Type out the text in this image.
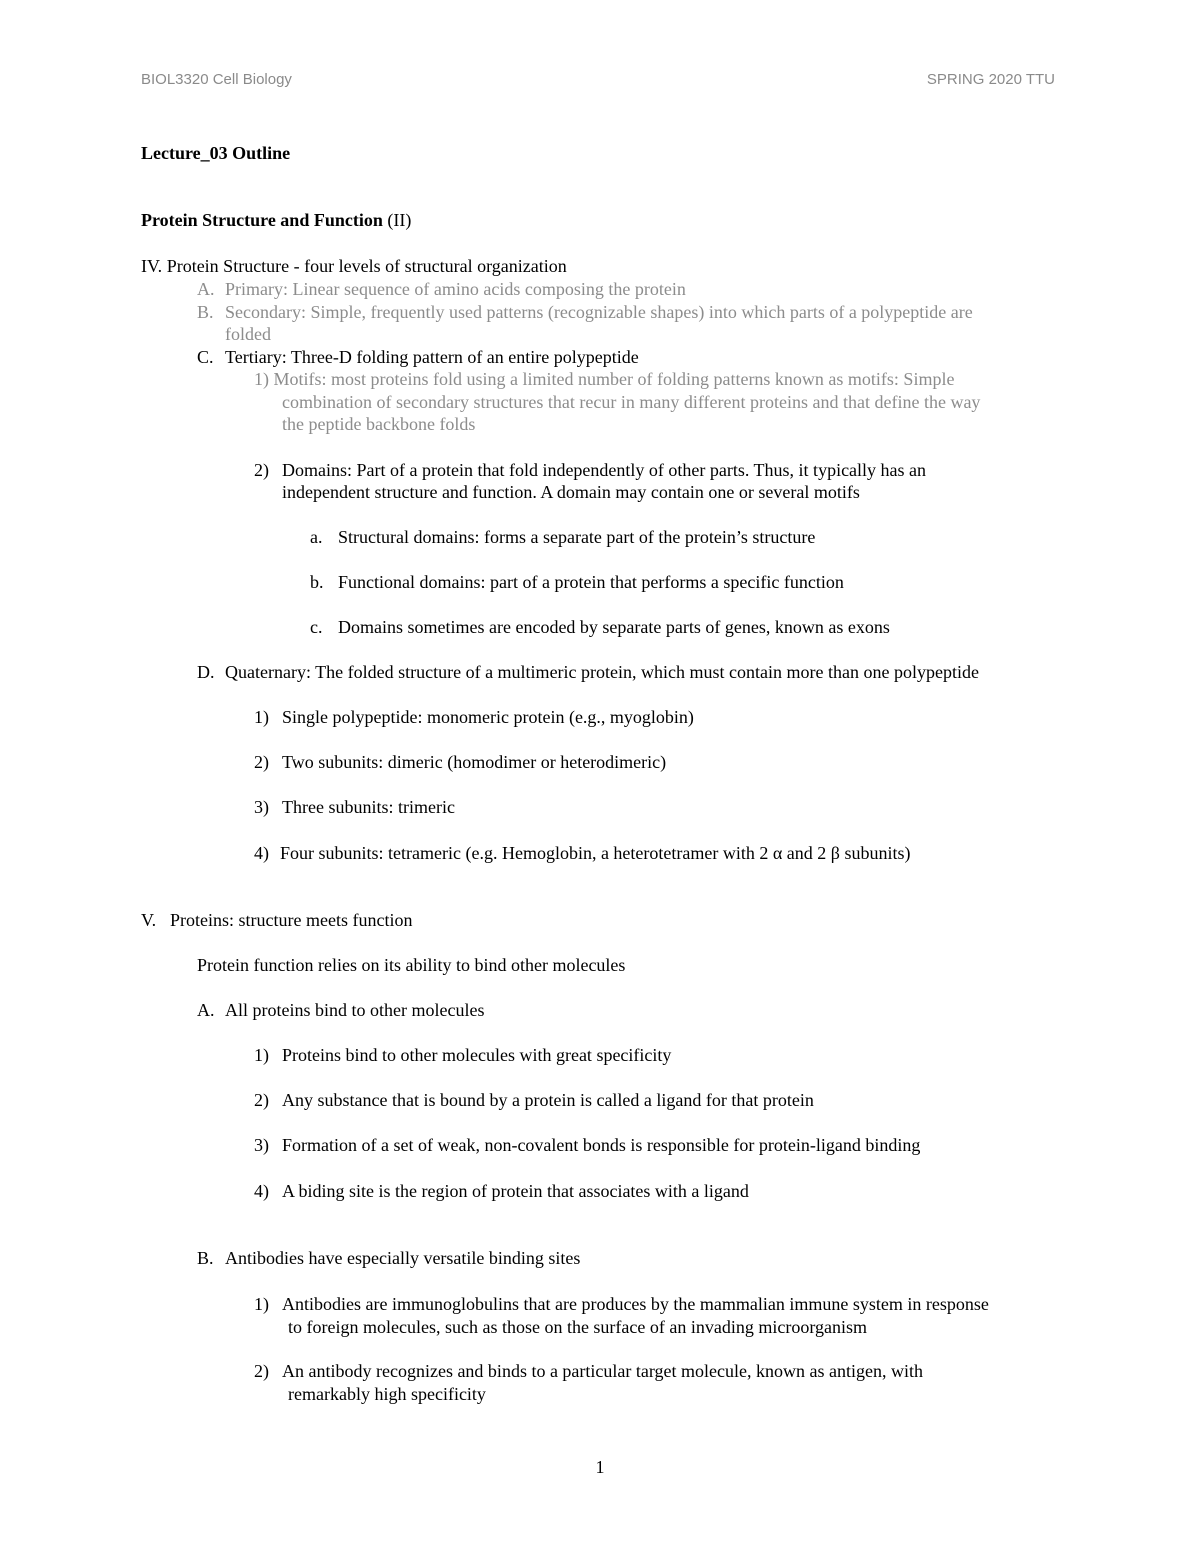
BIOL3320 Cell Biology	SPRING 2020 TTU
Lecture_03 Outline
Protein Structure and Function (II)
IV. Protein Structure - four levels of structural organization
A. Primary: Linear sequence of amino acids composing the protein
B. Secondary: Simple, frequently used patterns (recognizable shapes) into which parts of a polypeptide are
folded
C. Tertiary: Three-D folding pattern of an entire polypeptide
1) Motifs: most proteins fold using a limited number of folding patterns known as motifs: Simple
combination of secondary structures that recur in many different proteins and that define the way
the peptide backbone folds
2) Domains: Part of a protein that fold independently of other parts. Thus, it typically has an
independent structure and function. A domain may contain one or several motifs
a. Structural domains: forms a separate part of the protein’s structure
b. Functional domains: part of a protein that performs a specific function
c. Domains sometimes are encoded by separate parts of genes, known as exons
D. Quaternary: The folded structure of a multimeric protein, which must contain more than one polypeptide
1) Single polypeptide: monomeric protein (e.g., myoglobin)
2) Two subunits: dimeric (homodimer or heterodimeric)
3) Three subunits: trimeric
4) Four subunits: tetrameric (e.g. Hemoglobin, a heterotetramer with 2 α and 2 β subunits)
V. Proteins: structure meets function
Protein function relies on its ability to bind other molecules
A. All proteins bind to other molecules
1) Proteins bind to other molecules with great specificity
2) Any substance that is bound by a protein is called a ligand for that protein
3) Formation of a set of weak, non-covalent bonds is responsible for protein-ligand binding
4) A biding site is the region of protein that associates with a ligand
B. Antibodies have especially versatile binding sites
1) Antibodies are immunoglobulins that are produces by the mammalian immune system in response
to foreign molecules, such as those on the surface of an invading microorganism
2) An antibody recognizes and binds to a particular target molecule, known as antigen, with
remarkably high specificity
1
